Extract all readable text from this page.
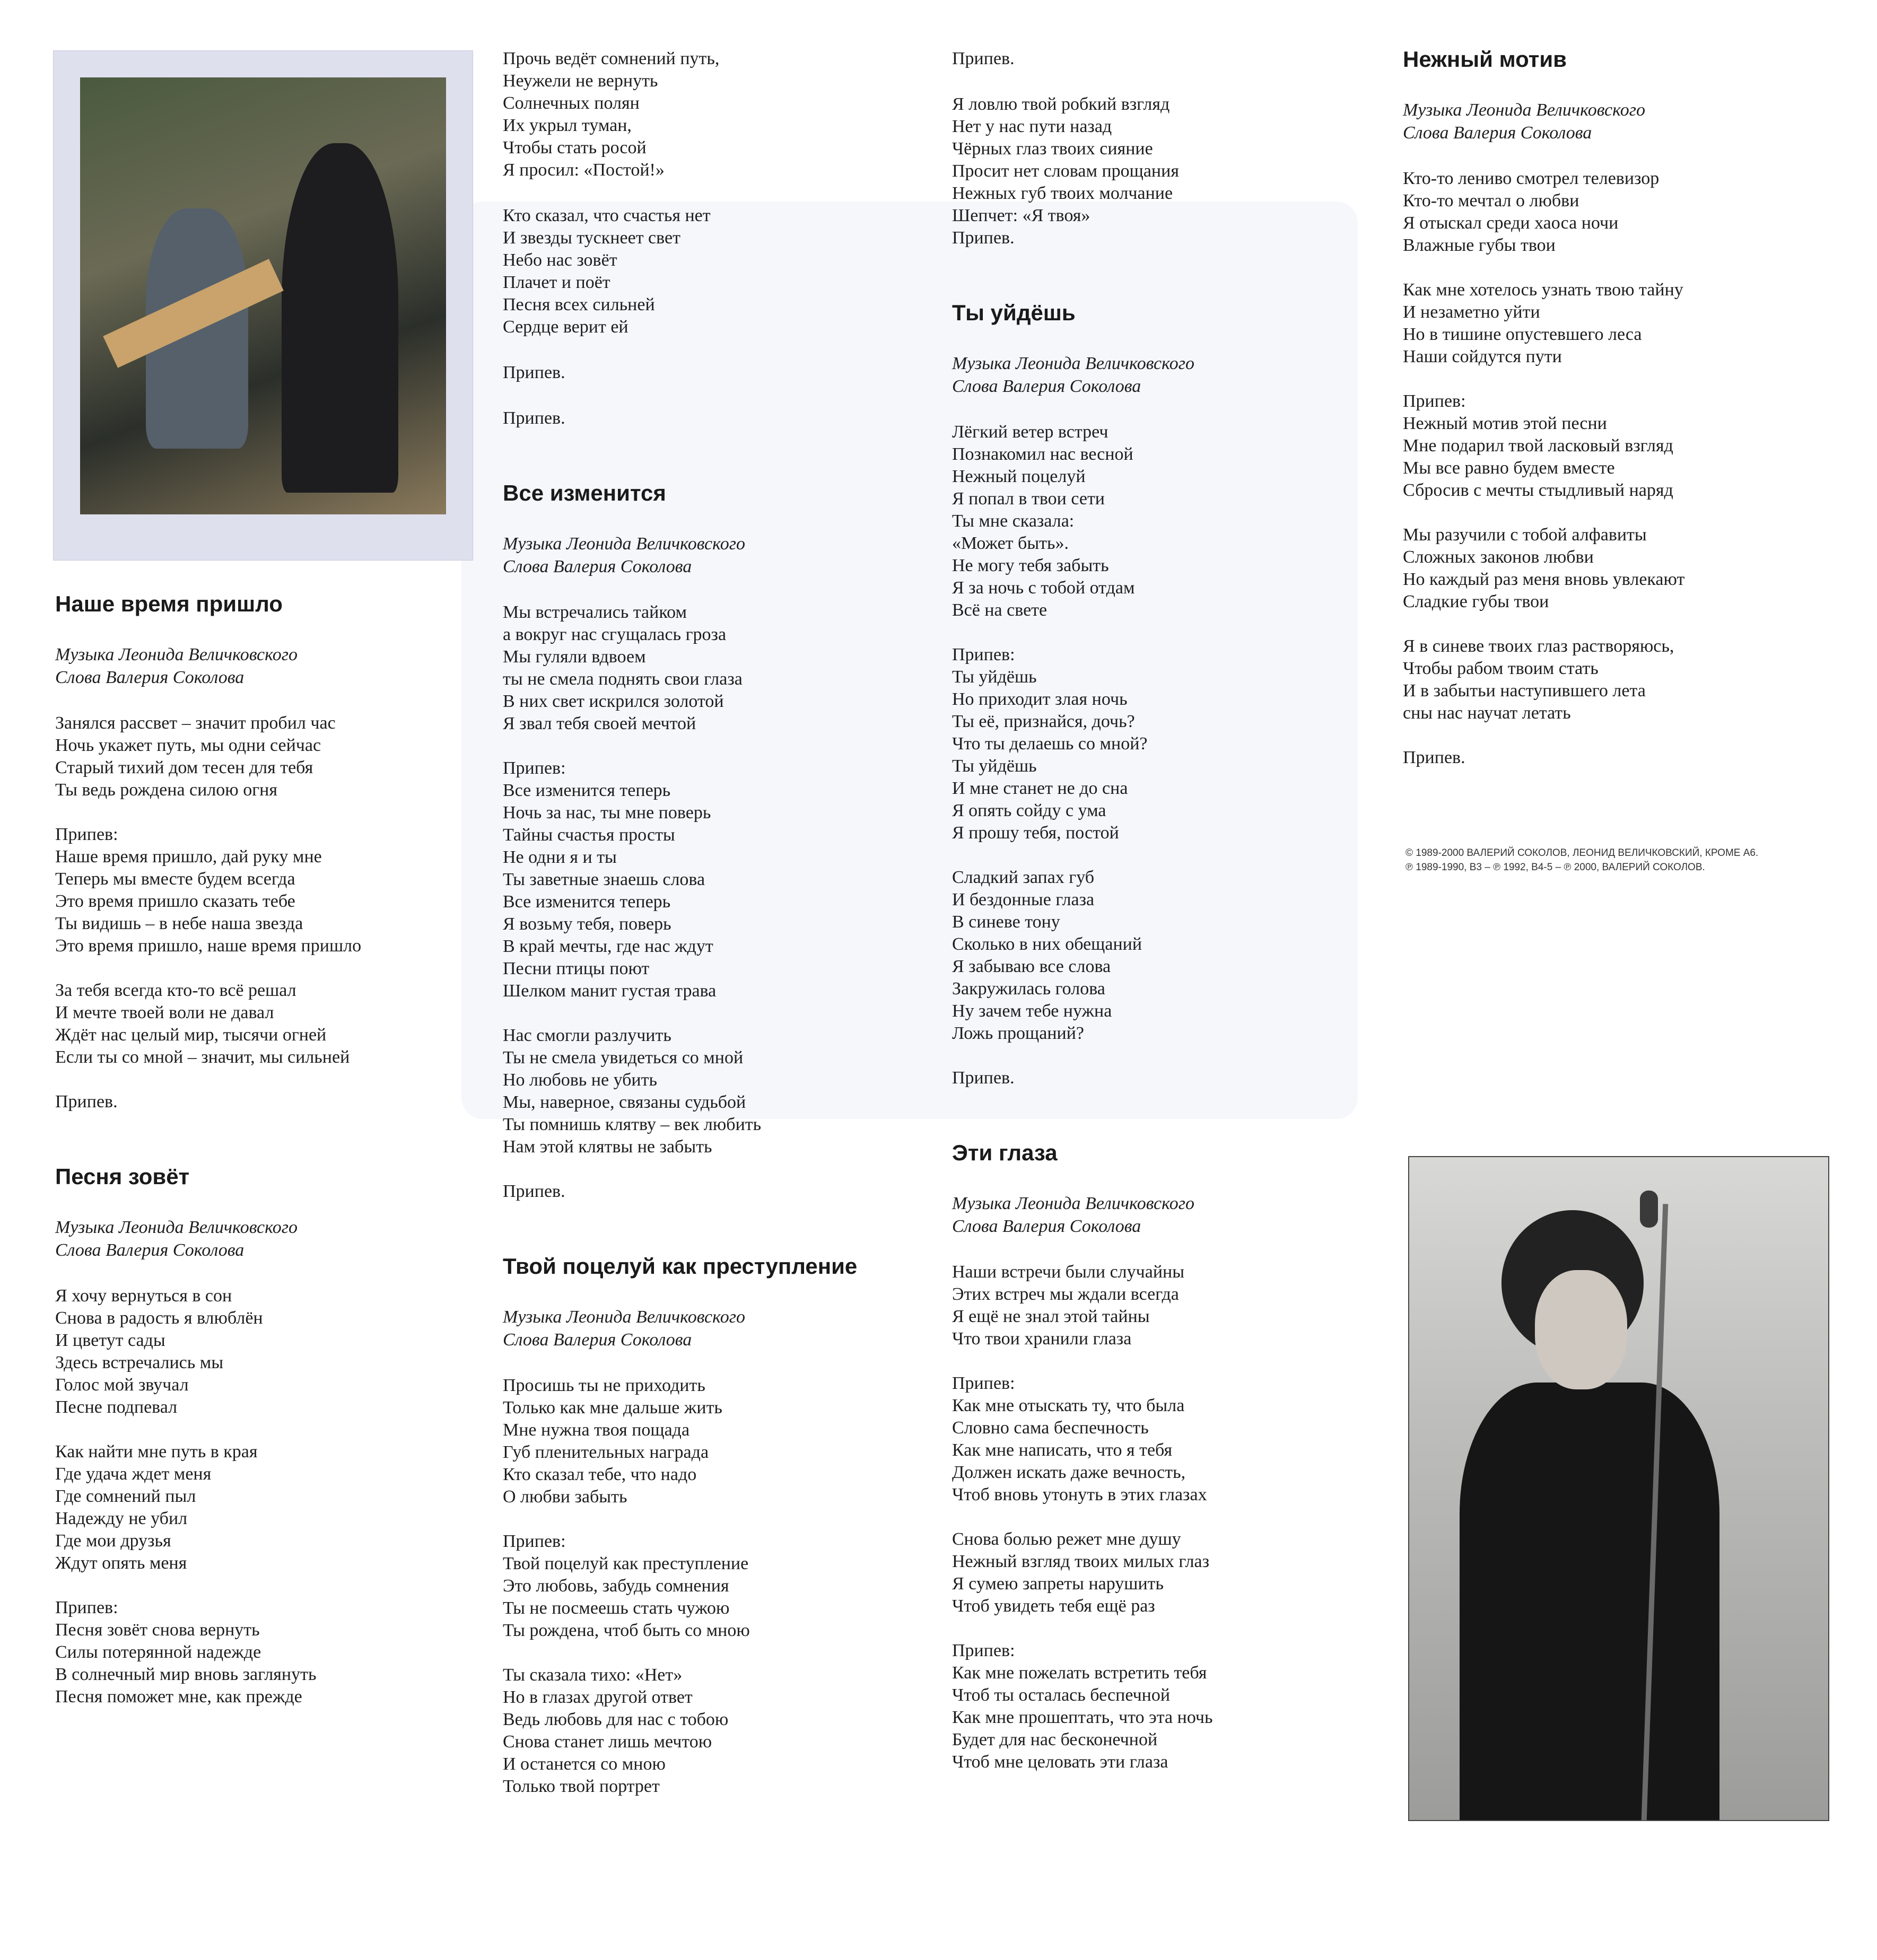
Наше время пришло
Музыка Леонида Величковского
Слова Валерия Соколова
Занялся рассвет – значит пробил час
Ночь укажет путь, мы одни сейчас
Старый тихий дом тесен для тебя
Ты ведь рождена силою огня
Припев:
Наше время пришло, дай руку мне
Теперь мы вместе будем всегда
Это время пришло сказать тебе
Ты видишь – в небе наша звезда
Это время пришло, наше время пришло
За тебя всегда кто-то всё решал
И мечте твоей воли не давал
Ждёт нас целый мир, тысячи огней
Если ты со мной – значит, мы сильней
Припев.
Песня зовёт
Музыка Леонида Величковского
Слова Валерия Соколова
Я хочу вернуться в сон
Снова в радость я влюблён
И цветут сады
Здесь встречались мы
Голос мой звучал
Песне подпевал
Как найти мне путь в края
Где удача ждет меня
Где сомнений пыл
Надежду не убил
Где мои друзья
Ждут опять меня
Припев:
Песня зовёт снова вернуть
Силы потерянной надежде
В солнечный мир вновь заглянуть
Песня поможет мне, как прежде
Прочь ведёт сомнений путь,
Неужели не вернуть
Солнечных полян
Их укрыл туман,
Чтобы стать росой
Я просил: «Постой!»
Кто сказал, что счастья нет
И звезды тускнеет свет
Небо нас зовёт
Плачет и поёт
Песня всех сильней
Сердце верит ей
Припев.
Припев.
Все изменится
Музыка Леонида Величковского
Слова Валерия Соколова
Мы встречались тайком
а вокруг нас сгущалась гроза
Мы гуляли вдвоем
ты не смела поднять свои глаза
В них свет искрился золотой
Я звал тебя своей мечтой
Припев:
Все изменится теперь
Ночь за нас, ты мне поверь
Тайны счастья просты
Не одни я и ты
Ты заветные знаешь слова
Все изменится теперь
Я возьму тебя, поверь
В край мечты, где нас ждут
Песни птицы поют
Шелком манит густая трава
Нас смогли разлучить
Ты не смела увидеться со мной
Но любовь не убить
Мы, наверное, связаны судьбой
Ты помнишь клятву – век любить
Нам этой клятвы не забыть
Припев.
Твой поцелуй как преступление
Музыка Леонида Величковского
Слова Валерия Соколова
Просишь ты не приходить
Только как мне дальше жить
Мне нужна твоя пощада
Губ пленительных награда
Кто сказал тебе, что надо
О любви забыть
Припев:
Твой поцелуй как преступление
Это любовь, забудь сомнения
Ты не посмеешь стать чужою
Ты рождена, чтоб быть со мною
Ты сказала тихо: «Нет»
Но в глазах другой ответ
Ведь любовь для нас с тобою
Снова станет лишь мечтою
И останется со мною
Только твой портрет
Припев.
Я ловлю твой робкий взгляд
Нет у нас пути назад
Чёрных глаз твоих сияние
Просит нет словам прощания
Нежных губ твоих молчание
Шепчет: «Я твоя»
Припев.
Ты уйдёшь
Музыка Леонида Величковского
Слова Валерия Соколова
Лёгкий ветер встреч
Познакомил нас весной
Нежный поцелуй
Я попал в твои сети
Ты мне сказала:
«Может быть».
Не могу тебя забыть
Я за ночь с тобой отдам
Всё на свете
Припев:
Ты уйдёшь
Но приходит злая ночь
Ты её, признайся, дочь?
Что ты делаешь со мной?
Ты уйдёшь
И мне станет не до сна
Я опять сойду с ума
Я прошу тебя, постой
Сладкий запах губ
И бездонные глаза
В синеве тону
Сколько в них обещаний
Я забываю все слова
Закружилась голова
Ну зачем тебе нужна
Ложь прощаний?
Припев.
Эти глаза
Музыка Леонида Величковского
Слова Валерия Соколова
Наши встречи были случайны
Этих встреч мы ждали всегда
Я ещё не знал этой тайны
Что твои хранили глаза
Припев:
Как мне отыскать ту, что была
Словно сама беспечность
Как мне написать, что я тебя
Должен искать даже вечность,
Чтоб вновь утонуть в этих глазах
Снова болью режет мне душу
Нежный взгляд твоих милых глаз
Я сумею запреты нарушить
Чтоб увидеть тебя ещё раз
Припев:
Как мне пожелать встретить тебя
Чтоб ты осталась беспечной
Как мне прошептать, что эта ночь
Будет для нас бесконечной
Чтоб мне целовать эти глаза
Нежный мотив
Музыка Леонида Величковского
Слова Валерия Соколова
Кто-то лениво смотрел телевизор
Кто-то мечтал о любви
Я отыскал среди хаоса ночи
Влажные губы твои
Как мне хотелось узнать твою тайну
И незаметно уйти
Но в тишине опустевшего леса
Наши сойдутся пути
Припев:
Нежный мотив этой песни
Мне подарил твой ласковый взгляд
Мы все равно будем вместе
Сбросив с мечты стыдливый наряд
Мы разучили с тобой алфавиты
Сложных законов любви
Но каждый раз меня вновь увлекают
Сладкие губы твои
Я в синеве твоих глаз растворяюсь,
Чтобы рабом твоим стать
И в забытьи наступившего лета
сны нас научат летать
Припев.
© 1989-2000 ВАЛЕРИЙ СОКОЛОВ, ЛЕОНИД ВЕЛИЧКОВСКИЙ, КРОМЕ А6.
℗ 1989-1990, В3 – ℗ 1992, В4-5 – ℗ 2000, ВАЛЕРИЙ СОКОЛОВ.
